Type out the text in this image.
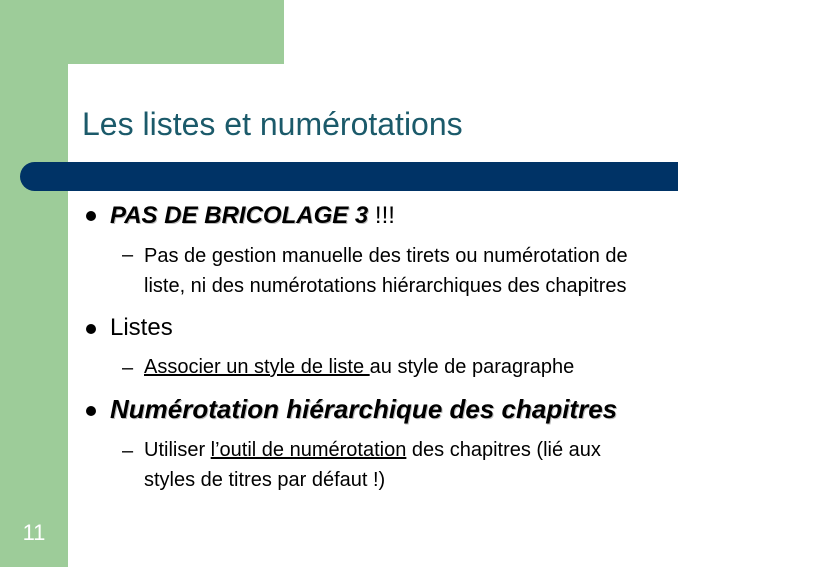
Les listes et numérotations
PAS DE BRICOLAGE 3 !!!
– Pas de gestion manuelle des tirets ou numérotation de
liste, ni des numérotations hiérarchiques des chapitres
Listes
– Associer un style de liste au style de paragraphe
Numérotation hiérarchique des chapitres
– Utiliser l’outil de numérotation des chapitres (lié aux
styles de titres par défaut !)
11
